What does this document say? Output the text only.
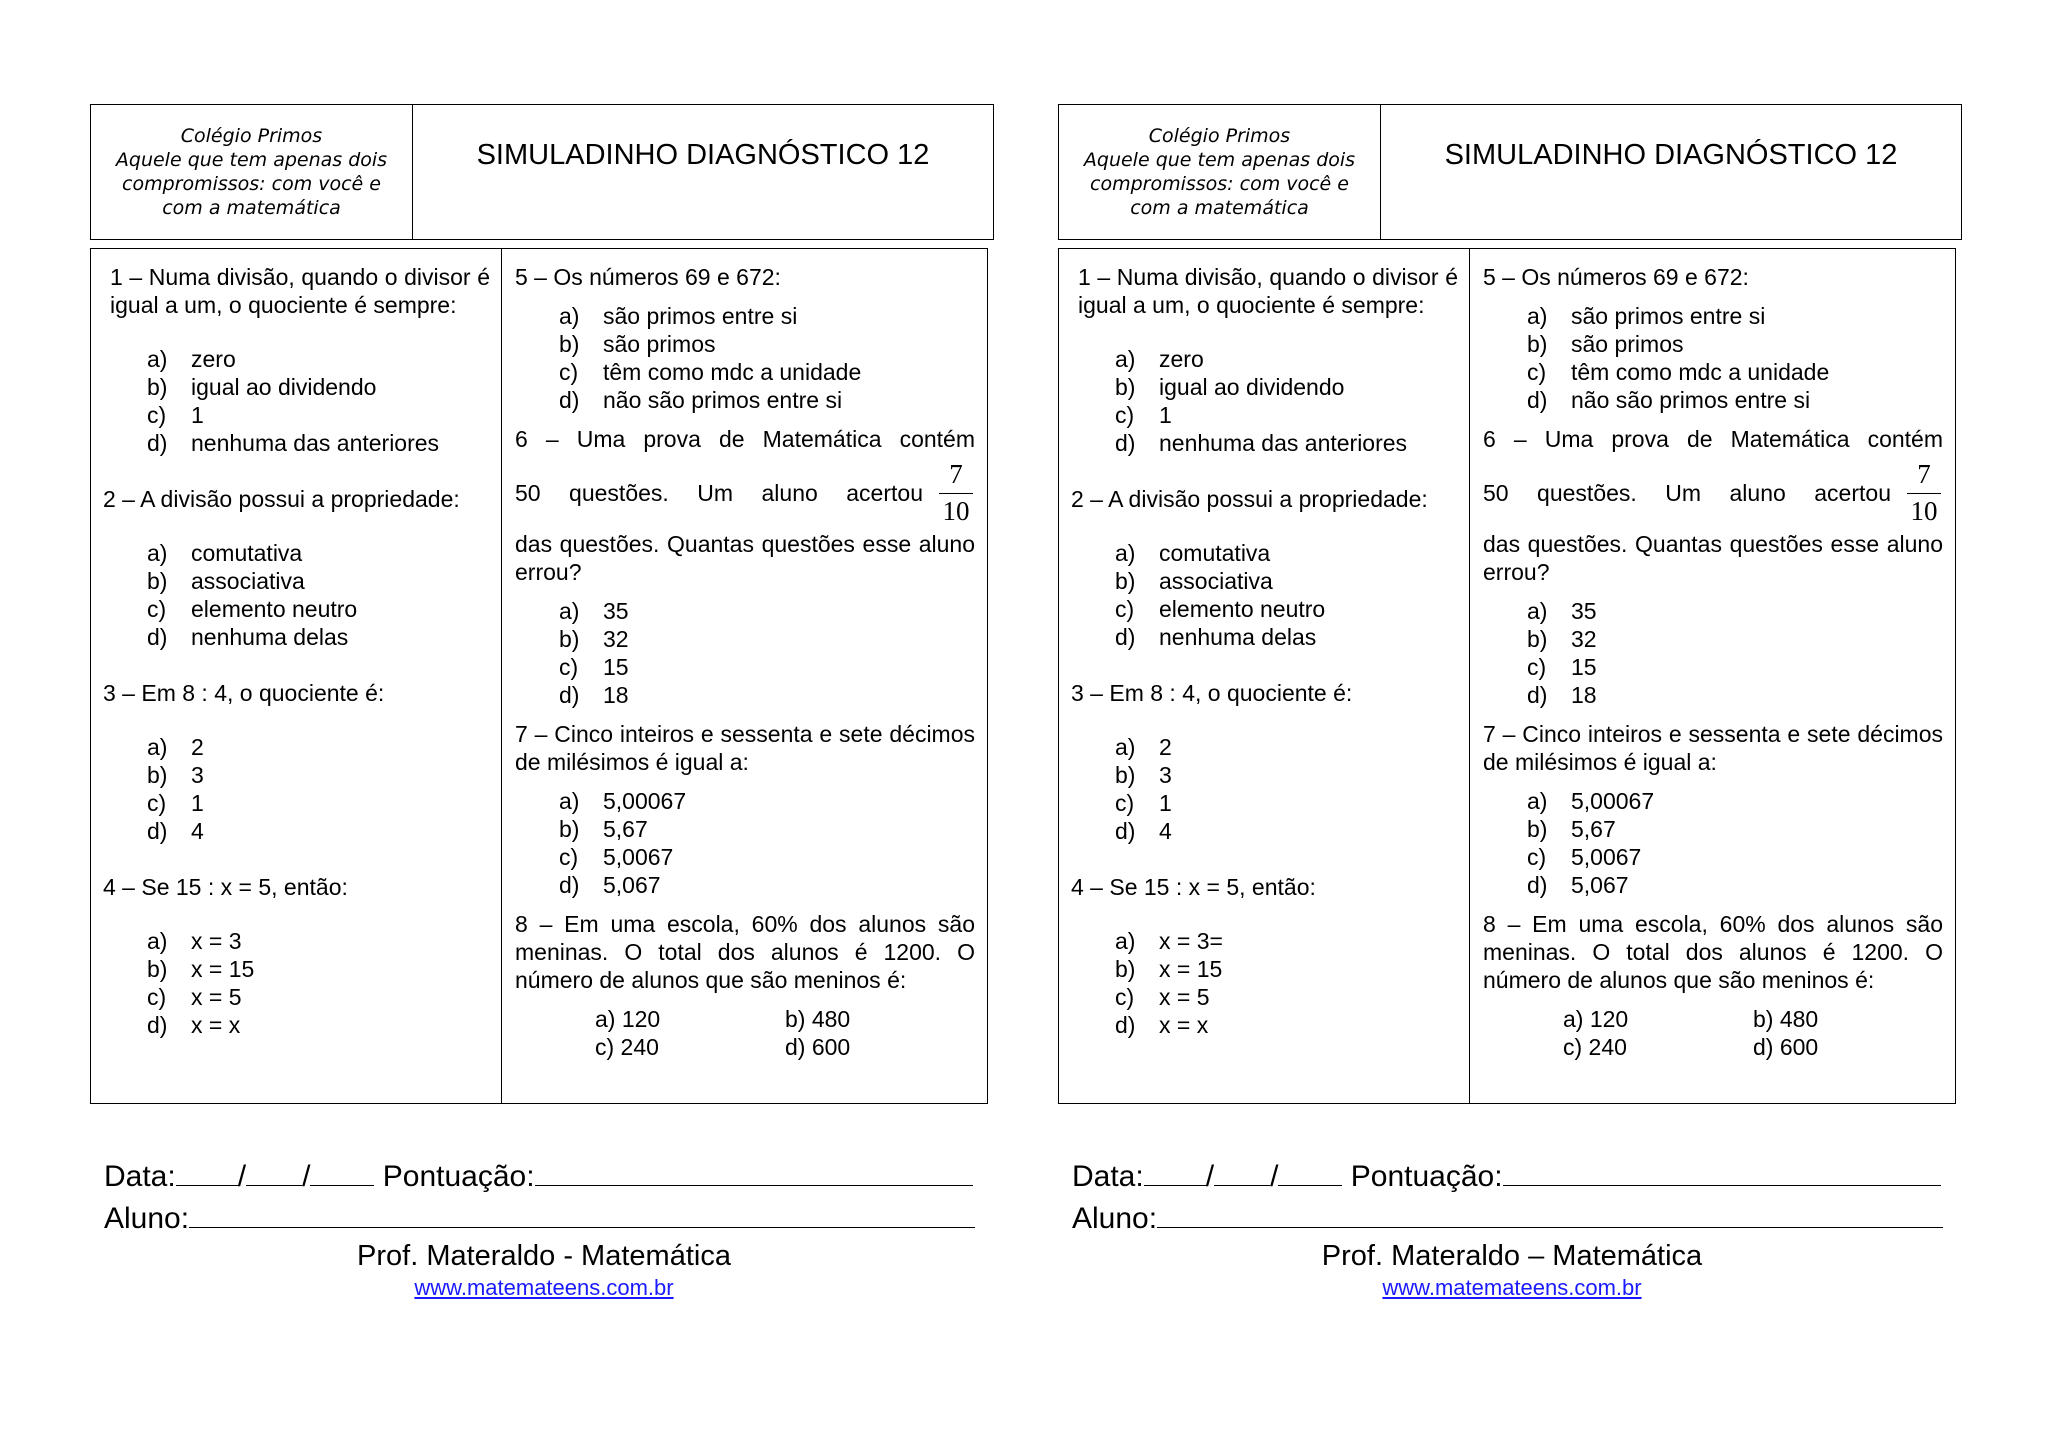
Colégio Primos
Aquele que tem apenas dois compromissos: com você e com a matemática
SIMULADINHO DIAGNÓSTICO 12
1 – Numa divisão, quando o divisor é igual a um, o quociente é sempre:
a)	zero
b)	igual ao dividendo
c)	1
d)	nenhuma das anteriores
2 – A divisão possui a propriedade:
a)	comutativa
b)	associativa
c)	elemento neutro
d)	nenhuma delas
3 – Em 8 : 4, o quociente é:
a)	2
b)	3
c)	1
d)	4
4 – Se 15 : x = 5, então:
a)	x = 3
b)	x = 15
c)	x = 5
d)	x = x
5 – Os números 69 e 672:
a)	são primos entre si
b)	são primos
c)	têm como mdc a unidade
d)	não são primos entre si
6 – Uma prova de Matemática contém
50 questões. Um aluno acertou $\frac{7}{10}$
das questões. Quantas questões esse aluno errou?
a)	35
b)	32
c)	15
d)	18
7 – Cinco inteiros e sessenta e sete décimos de milésimos é igual a:
a)	5,00067
b)	5,67
c)	5,0067
d)	5,067
8 – Em uma escola, 60% dos alunos são meninas. O total dos alunos é 1200. O número de alunos que são meninos é:
a) 120	b) 480
c) 240	d) 600
Data: / / Pontuação:
Aluno:
Prof. Materaldo - Matemática
www.matemateens.com.br
Colégio Primos
Aquele que tem apenas dois compromissos: com você e com a matemática
SIMULADINHO DIAGNÓSTICO 12
1 – Numa divisão, quando o divisor é igual a um, o quociente é sempre:
a)	zero
b)	igual ao dividendo
c)	1
d)	nenhuma das anteriores
2 – A divisão possui a propriedade:
a)	comutativa
b)	associativa
c)	elemento neutro
d)	nenhuma delas
3 – Em 8 : 4, o quociente é:
a)	2
b)	3
c)	1
d)	4
4 – Se 15 : x = 5, então:
a)	x = 3=
b)	x = 15
c)	x = 5
d)	x = x
5 – Os números 69 e 672:
a)	são primos entre si
b)	são primos
c)	têm como mdc a unidade
d)	não são primos entre si
6 – Uma prova de Matemática contém
50 questões. Um aluno acertou $\frac{7}{10}$
das questões. Quantas questões esse aluno errou?
a)	35
b)	32
c)	15
d)	18
7 – Cinco inteiros e sessenta e sete décimos de milésimos é igual a:
a)	5,00067
b)	5,67
c)	5,0067
d)	5,067
8 – Em uma escola, 60% dos alunos são meninas. O total dos alunos é 1200. O número de alunos que são meninos é:
a) 120	b) 480
c) 240	d) 600
Data: / / Pontuação:
Aluno:
Prof. Materaldo – Matemática
www.matemateens.com.br
